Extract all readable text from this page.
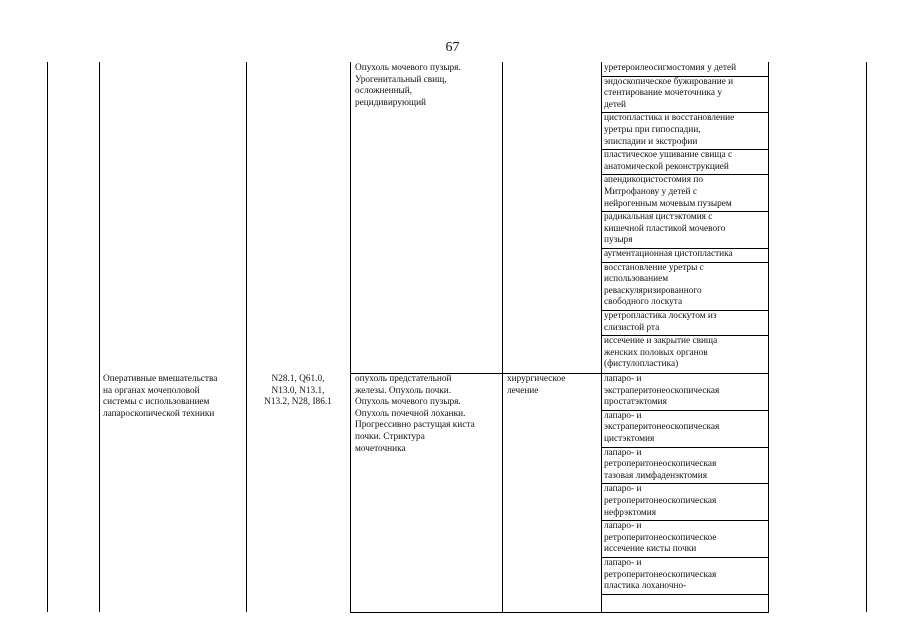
67
Опухоль мочевого пузыря.
Урогенитальный свищ,
осложненный,
рецидивирующий
уретероилеосигмостомия у детей
эндоскопическое бужирование и
стентирование мочеточника у
детей
цистопластика и восстановление
уретры при гипоспадии,
эписпадии и экстрофии
пластическое ушивание свища с
анатомической реконструкцией
апендикоцистостомия по
Митрофанову у детей с
нейрогенным мочевым пузырем
радикальная цистэктомия с
кишечной пластикой мочевого
пузыря
аугментационная цистопластика
восстановление уретры с
использованием
реваскуляризированного
свободного лоскута
уретропластика лоскутом из
слизистой рта
иссечение и закрытие свища
женских половых органов
(фистулопластика)
Оперативные вмешательства
на органах мочеполовой
системы с использованием
лапароскопической техники
N28.1, Q61.0,
N13.0, N13.1,
N13.2, N28, I86.1
опухоль предстательной
железы. Опухоль почки.
Опухоль мочевого пузыря.
Опухоль почечной лоханки.
Прогрессивно растущая киста
почки. Стриктура
мочеточника
хирургическое
лечение
лапаро- и
экстраперитонеоскопическая
простатэктомия
лапаро- и
экстраперитонеоскопическая
цистэктомия
лапаро- и
ретроперитонеоскопическая
тазовая лимфаденэктомия
лапаро- и
ретроперитонеоскопическая
нефрэктомия
лапаро- и
ретроперитонеоскопическое
иссечение кисты почки
лапаро- и
ретроперитонеоскопическая
пластика лоханочно-
